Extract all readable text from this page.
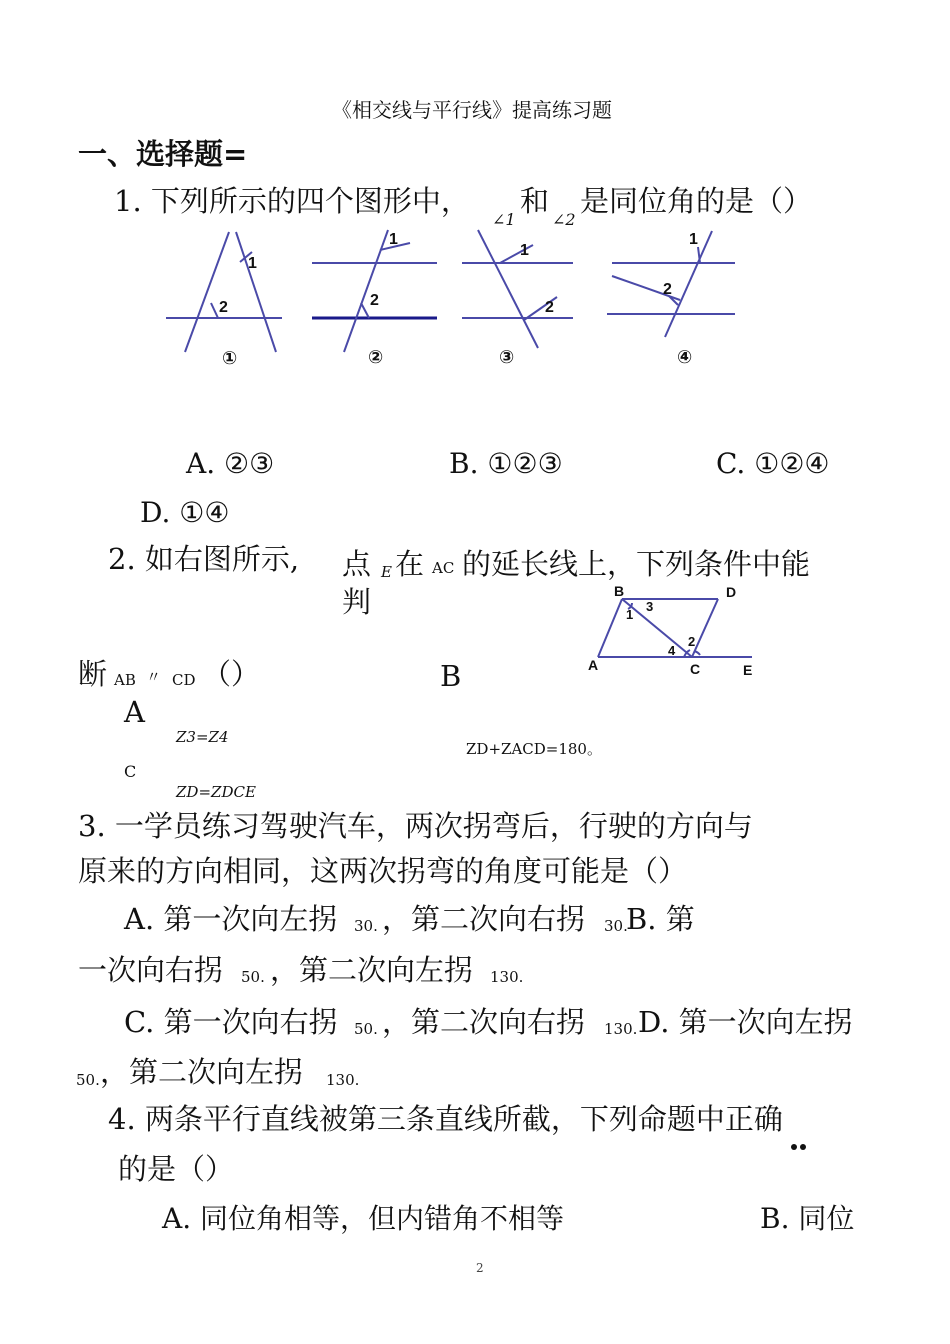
《相交线与平行线》提高练习题
一、选择题=
1. 下列所示的四个图形中，
∠1
和
∠2
是同位角的是（）
1
2
①
1
2
②
1
2
③
1
2
④
A. ②③	B. ①②③	C. ①②④
D. ①④
2. 如右图所示, 点 E 在 AC 的延长线上，下列条件中能
判
断 AB 〃 CD （）	B
A
Z3=Z4
ZD+ZACD=180。
C
ZD=ZDCE
B	D
1
3
2
4
A	C	E
3. 一学员练习驾驶汽车，两次拐弯后，行驶的方向与
原来的方向相同，这两次拐弯的角度可能是（）
A. 第一次向左拐 30. ，第二次向右拐 30.
B. 第
一次向右拐 50. ，第二次向左拐 130.
C. 第一次向右拐 50. ，第二次向右拐 130. D. 第一次向左拐
50. ，第二次向左拐 130.
4. 两条平行直线被第三条直线所截，下列命题中正确
的是（）
A. 同位角相等，但内错角不相等	B. 同位
2
